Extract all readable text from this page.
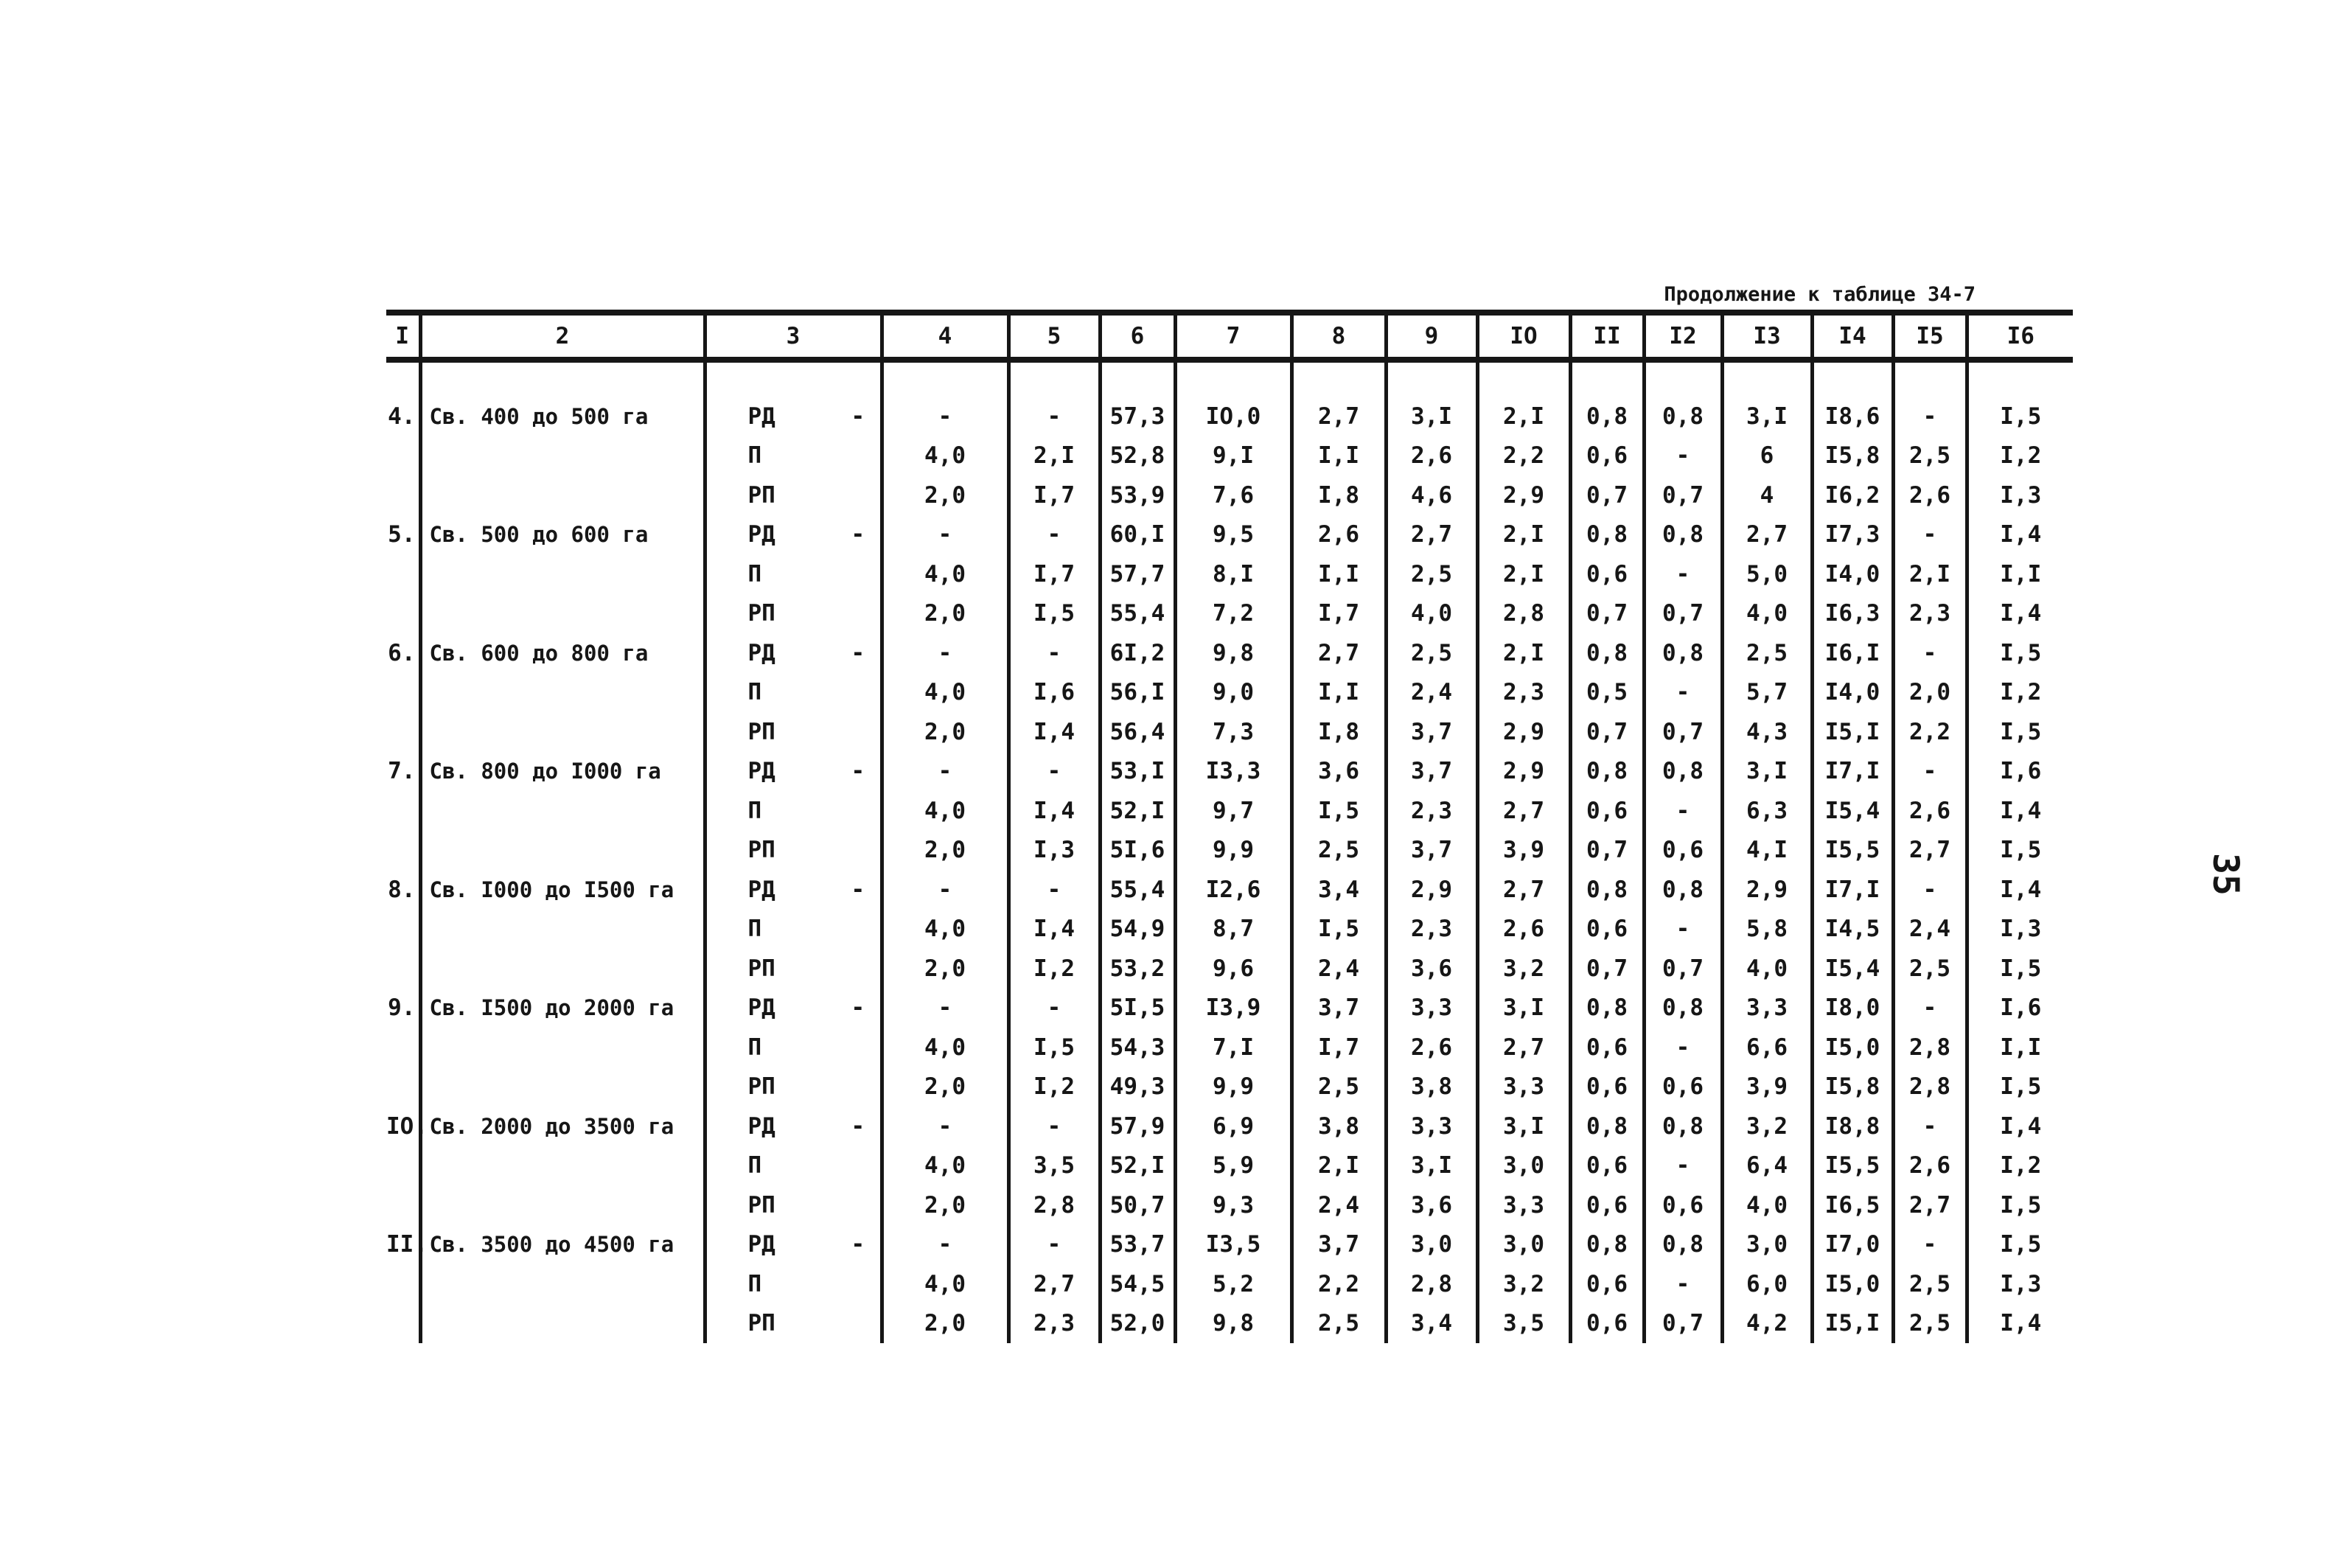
Продолжение к таблице 34-7
I	2	3	4	5	6	7	8	9	IO	II	I2	I3	I4	I5	I6

4.	Св. 400 до 500 га	РД -	-	-	57,3	IO,0	2,7	3,I	2,I	0,8	0,8	3,I	I8,6	-	I,5
		П	4,0	2,I	52,8	9,I	I,I	2,6	2,2	0,6	-	6	I5,8	2,5	I,2
		РП	2,0	I,7	53,9	7,6	I,8	4,6	2,9	0,7	0,7	4	I6,2	2,6	I,3
5.	Св. 500 до 600 га	РД -	-	-	60,I	9,5	2,6	2,7	2,I	0,8	0,8	2,7	I7,3	-	I,4
		П	4,0	I,7	57,7	8,I	I,I	2,5	2,I	0,6	-	5,0	I4,0	2,I	I,I
		РП	2,0	I,5	55,4	7,2	I,7	4,0	2,8	0,7	0,7	4,0	I6,3	2,3	I,4
6.	Св. 600 до 800 га	РД -	-	-	6I,2	9,8	2,7	2,5	2,I	0,8	0,8	2,5	I6,I	-	I,5
		П	4,0	I,6	56,I	9,0	I,I	2,4	2,3	0,5	-	5,7	I4,0	2,0	I,2
		РП	2,0	I,4	56,4	7,3	I,8	3,7	2,9	0,7	0,7	4,3	I5,I	2,2	I,5
7.	Св. 800 до I000 га	РД -	-	-	53,I	I3,3	3,6	3,7	2,9	0,8	0,8	3,I	I7,I	-	I,6
		П	4,0	I,4	52,I	9,7	I,5	2,3	2,7	0,6	-	6,3	I5,4	2,6	I,4
		РП	2,0	I,3	5I,6	9,9	2,5	3,7	3,9	0,7	0,6	4,I	I5,5	2,7	I,5
8.	Св. I000 до I500 га	РД -	-	-	55,4	I2,6	3,4	2,9	2,7	0,8	0,8	2,9	I7,I	-	I,4
		П	4,0	I,4	54,9	8,7	I,5	2,3	2,6	0,6	-	5,8	I4,5	2,4	I,3
		РП	2,0	I,2	53,2	9,6	2,4	3,6	3,2	0,7	0,7	4,0	I5,4	2,5	I,5
9.	Св. I500 до 2000 га	РД -	-	-	5I,5	I3,9	3,7	3,3	3,I	0,8	0,8	3,3	I8,0	-	I,6
		П	4,0	I,5	54,3	7,I	I,7	2,6	2,7	0,6	-	6,6	I5,0	2,8	I,I
		РП	2,0	I,2	49,3	9,9	2,5	3,8	3,3	0,6	0,6	3,9	I5,8	2,8	I,5
IO.	Св. 2000 до 3500 га	РД -	-	-	57,9	6,9	3,8	3,3	3,I	0,8	0,8	3,2	I8,8	-	I,4
		П	4,0	3,5	52,I	5,9	2,I	3,I	3,0	0,6	-	6,4	I5,5	2,6	I,2
		РП	2,0	2,8	50,7	9,3	2,4	3,6	3,3	0,6	0,6	4,0	I6,5	2,7	I,5
II.	Св. 3500 до 4500 га	РД -	-	-	53,7	I3,5	3,7	3,0	3,0	0,8	0,8	3,0	I7,0	-	I,5
		П	4,0	2,7	54,5	5,2	2,2	2,8	3,2	0,6	-	6,0	I5,0	2,5	I,3
		РП	2,0	2,3	52,0	9,8	2,5	3,4	3,5	0,6	0,7	4,2	I5,I	2,5	I,4
35
